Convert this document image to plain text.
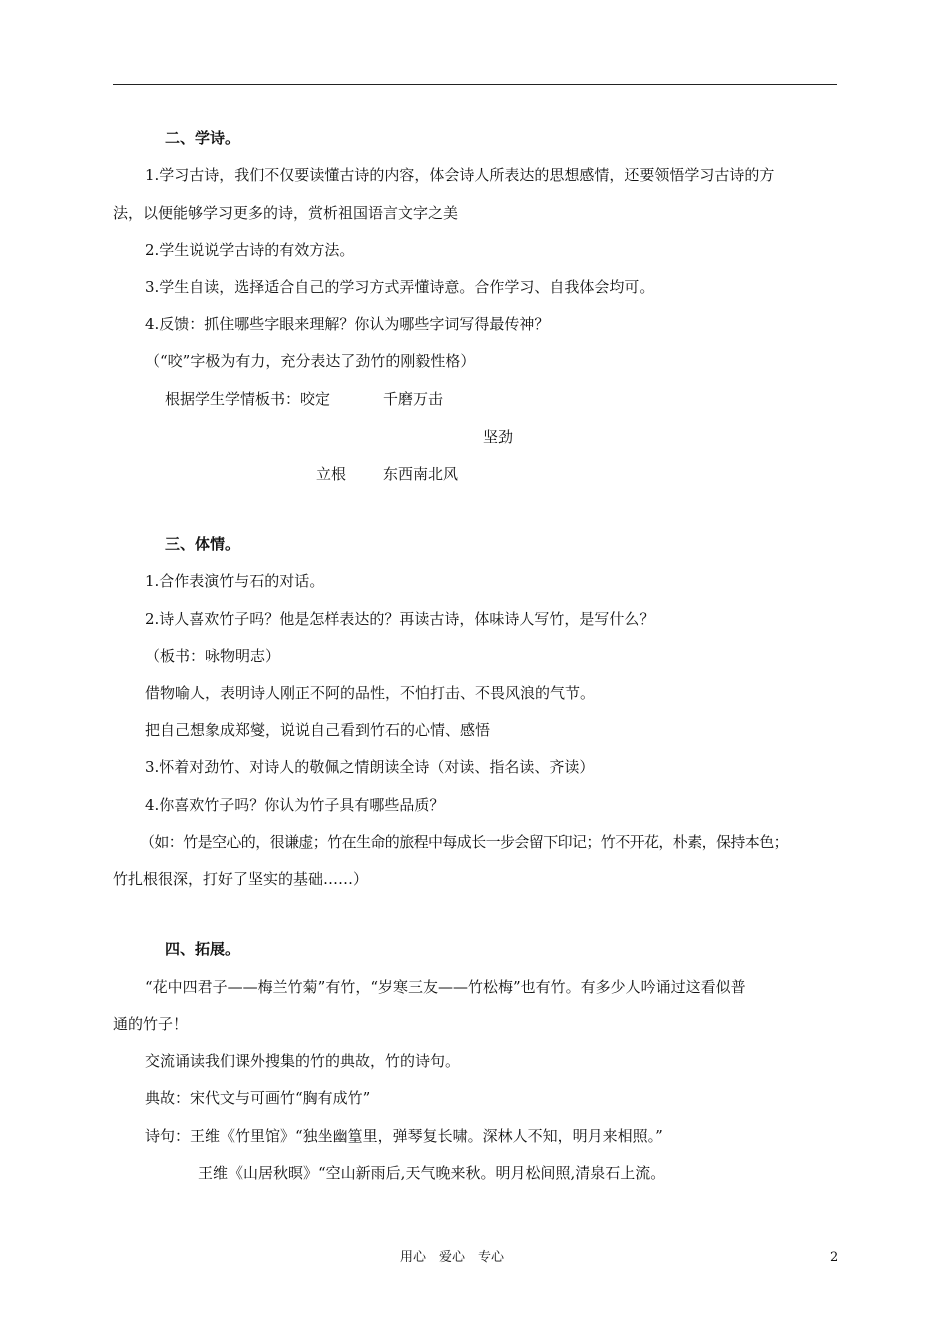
二、学诗。
1.学习古诗，我们不仅要读懂古诗的内容，体会诗人所表达的思想感情，还要领悟学习古诗的方
法，以便能够学习更多的诗，赏析祖国语言文字之美
2.学生说说学古诗的有效方法。
3.学生自读，选择适合自己的学习方式弄懂诗意。合作学习、自我体会均可。
4.反馈：抓住哪些字眼来理解？你认为哪些字词写得最传神？
（“咬”字极为有力，充分表达了劲竹的刚毅性格）
根据学生学情板书：咬定	千磨万击
坚劲
立根 东西南北风
三、体情。
1.合作表演竹与石的对话。
2.诗人喜欢竹子吗？他是怎样表达的？再读古诗，体味诗人写竹，是写什么？
（板书：咏物明志）
借物喻人，表明诗人刚正不阿的品性，不怕打击、不畏风浪的气节。
把自己想象成郑燮，说说自己看到竹石的心情、感悟
3.怀着对劲竹、对诗人的敬佩之情朗读全诗（对读、指名读、齐读）
4.你喜欢竹子吗？你认为竹子具有哪些品质？
（如：竹是空心的，很谦虚；竹在生命的旅程中每成长一步会留下印记；竹不开花，朴素，保持本色；
竹扎根很深，打好了坚实的基础……）
四、拓展。
“花中四君子——梅兰竹菊”有竹，“岁寒三友——竹松梅”也有竹。有多少人吟诵过这看似普
通的竹子！
交流诵读我们课外搜集的竹的典故，竹的诗句。
典故：宋代文与可画竹“胸有成竹”
诗句：王维《竹里馆》“独坐幽篁里，弹琴复长啸。深林人不知，明月来相照。”
王维《山居秋暝》“空山新雨后,天气晚来秋。明月松间照,清泉石上流。
用心　爱心　专心	2
